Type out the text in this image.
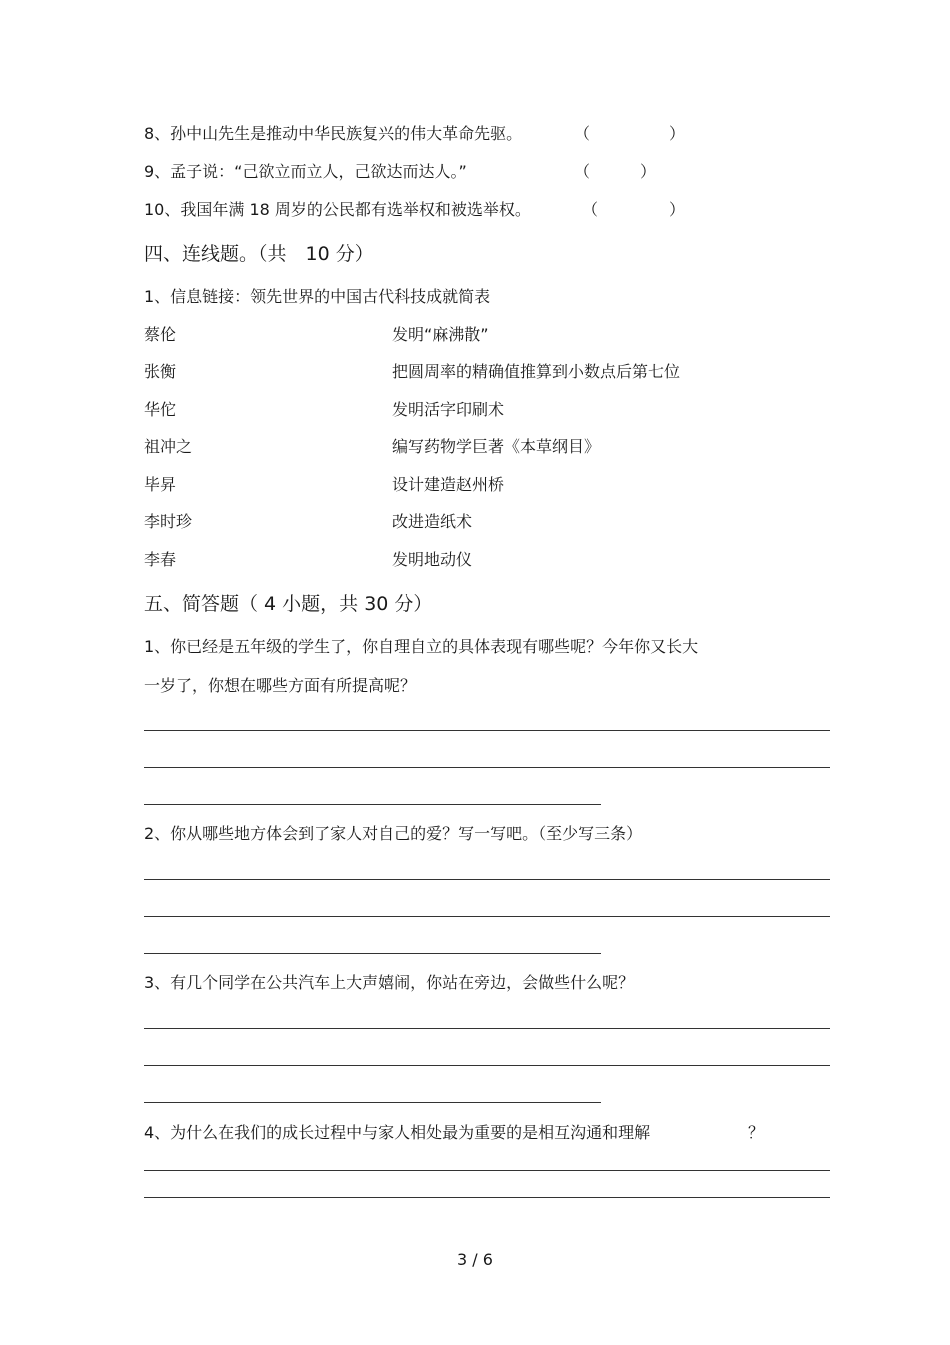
8、孙中山先生是推动中华民族复兴的伟大革命先驱。	（	）
9、孟子说：“己欲立而立人，己欲达而达人。”	（	）
10、我国年满 18 周岁的公民都有选举权和被选举权。	（	）
四、连线题。（共　10 分）
1、信息链接：领先世界的中国古代科技成就简表
蔡伦	发明“麻沸散”
张衡	把圆周率的精确值推算到小数点后第七位
华佗	发明活字印刷术
祖冲之	编写药物学巨著《本草纲目》
毕昇	设计建造赵州桥
李时珍	改进造纸术
李春	发明地动仪
五、简答题（ 4 小题，共 30 分）
1、你已经是五年级的学生了，你自理自立的具体表现有哪些呢？今年你又长大
一岁了，你想在哪些方面有所提高呢？
2、你从哪些地方体会到了家人对自己的爱？写一写吧。（至少写三条）
3、有几个同学在公共汽车上大声嬉闹，你站在旁边，会做些什么呢？
4、为什么在我们的成长过程中与家人相处最为重要的是相互沟通和理解	？
3 / 6
